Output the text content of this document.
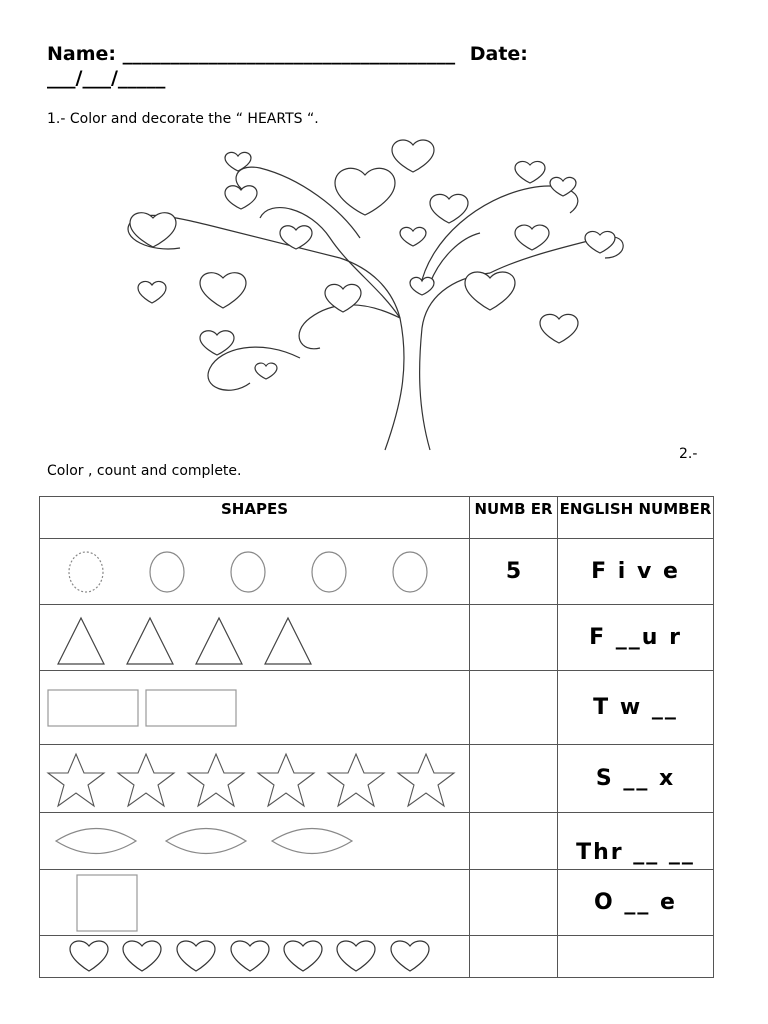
Name: ___________________________________ Date:
___/___/_____
1.- Color and decorate the “ HEARTS “.
2.-
Color , count and complete.
SHAPES	NUMB ER	ENGLISH NUMBER

	5	F i v e

		F __u r

		T w __

		S __ x

		Thr __ __

		O __ e
